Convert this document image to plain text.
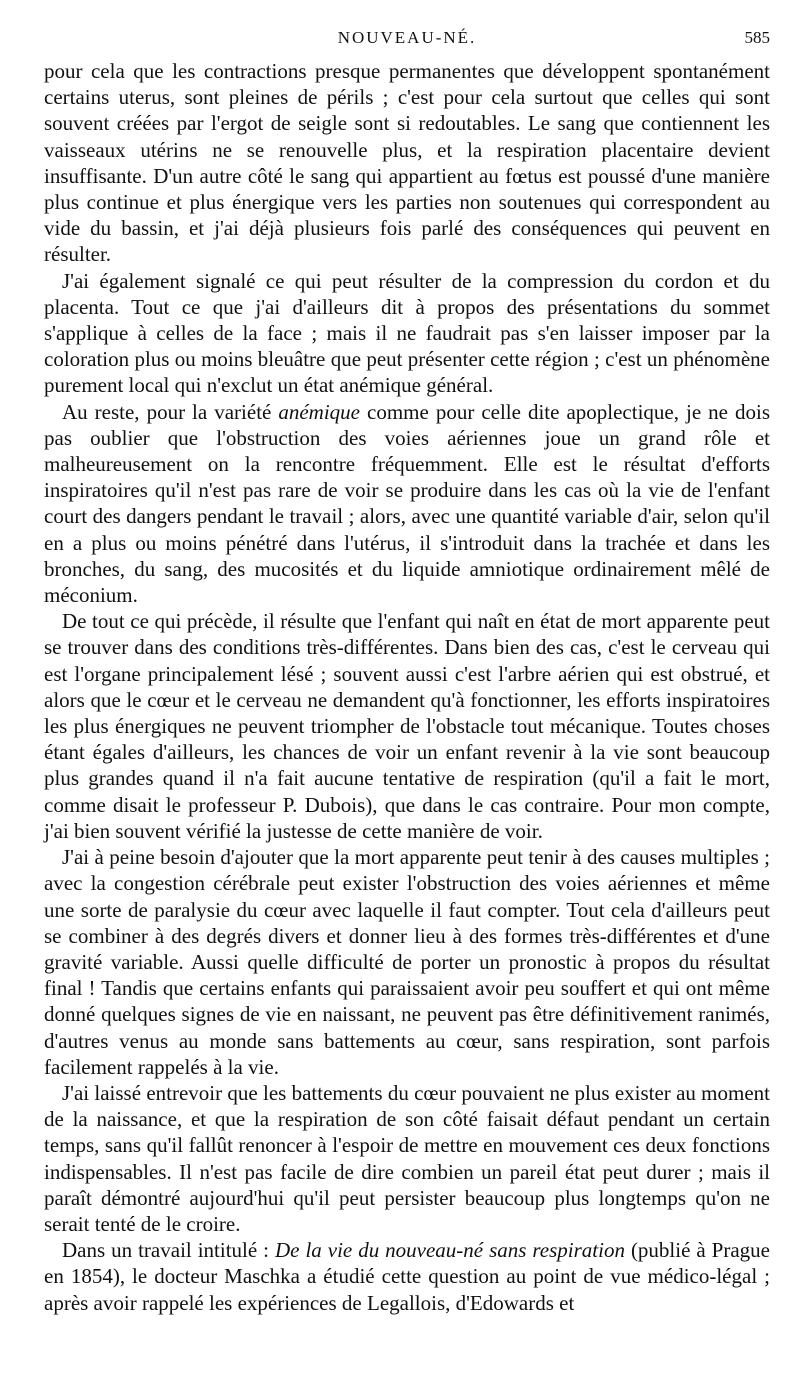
NOUVEAU-NÉ.	585

pour cela que les contractions presque permanentes que développent spontanément certains uterus, sont pleines de périls ; c'est pour cela surtout que celles qui sont souvent créées par l'ergot de seigle sont si redoutables. Le sang que contiennent les vaisseaux utérins ne se renouvelle plus, et la respiration placentaire devient insuffisante. D'un autre côté le sang qui appartient au fœtus est poussé d'une manière plus continue et plus énergique vers les parties non soutenues qui correspondent au vide du bassin, et j'ai déjà plusieurs fois parlé des conséquences qui peuvent en résulter.

J'ai également signalé ce qui peut résulter de la compression du cordon et du placenta. Tout ce que j'ai d'ailleurs dit à propos des présentations du sommet s'applique à celles de la face ; mais il ne faudrait pas s'en laisser imposer par la coloration plus ou moins bleuâtre que peut présenter cette région ; c'est un phénomène purement local qui n'exclut un état anémique général.

Au reste, pour la variété anémique comme pour celle dite apoplectique, je ne dois pas oublier que l'obstruction des voies aériennes joue un grand rôle et malheureusement on la rencontre fréquemment. Elle est le résultat d'efforts inspiratoires qu'il n'est pas rare de voir se produire dans les cas où la vie de l'enfant court des dangers pendant le travail ; alors, avec une quantité variable d'air, selon qu'il en a plus ou moins pénétré dans l'utérus, il s'introduit dans la trachée et dans les bronches, du sang, des mucosités et du liquide amniotique ordinairement mêlé de méconium.

De tout ce qui précède, il résulte que l'enfant qui naît en état de mort apparente peut se trouver dans des conditions très-différentes. Dans bien des cas, c'est le cerveau qui est l'organe principalement lésé ; souvent aussi c'est l'arbre aérien qui est obstrué, et alors que le cœur et le cerveau ne demandent qu'à fonctionner, les efforts inspiratoires les plus énergiques ne peuvent triompher de l'obstacle tout mécanique. Toutes choses étant égales d'ailleurs, les chances de voir un enfant revenir à la vie sont beaucoup plus grandes quand il n'a fait aucune tentative de respiration (qu'il a fait le mort, comme disait le professeur P. Dubois), que dans le cas contraire. Pour mon compte, j'ai bien souvent vérifié la justesse de cette manière de voir.

J'ai à peine besoin d'ajouter que la mort apparente peut tenir à des causes multiples ; avec la congestion cérébrale peut exister l'obstruction des voies aériennes et même une sorte de paralysie du cœur avec laquelle il faut compter. Tout cela d'ailleurs peut se combiner à des degrés divers et donner lieu à des formes très-différentes et d'une gravité variable. Aussi quelle difficulté de porter un pronostic à propos du résultat final ! Tandis que certains enfants qui paraissaient avoir peu souffert et qui ont même donné quelques signes de vie en naissant, ne peuvent pas être définitivement ranimés, d'autres venus au monde sans battements au cœur, sans respiration, sont parfois facilement rappelés à la vie.

J'ai laissé entrevoir que les battements du cœur pouvaient ne plus exister au moment de la naissance, et que la respiration de son côté faisait défaut pendant un certain temps, sans qu'il fallût renoncer à l'espoir de mettre en mouvement ces deux fonctions indispensables. Il n'est pas facile de dire combien un pareil état peut durer ; mais il paraît démontré aujourd'hui qu'il peut persister beaucoup plus longtemps qu'on ne serait tenté de le croire.

Dans un travail intitulé : De la vie du nouveau-né sans respiration (publié à Prague en 1854), le docteur Maschka a étudié cette question au point de vue médico-légal ; après avoir rappelé les expériences de Legallois, d'Edowards et
